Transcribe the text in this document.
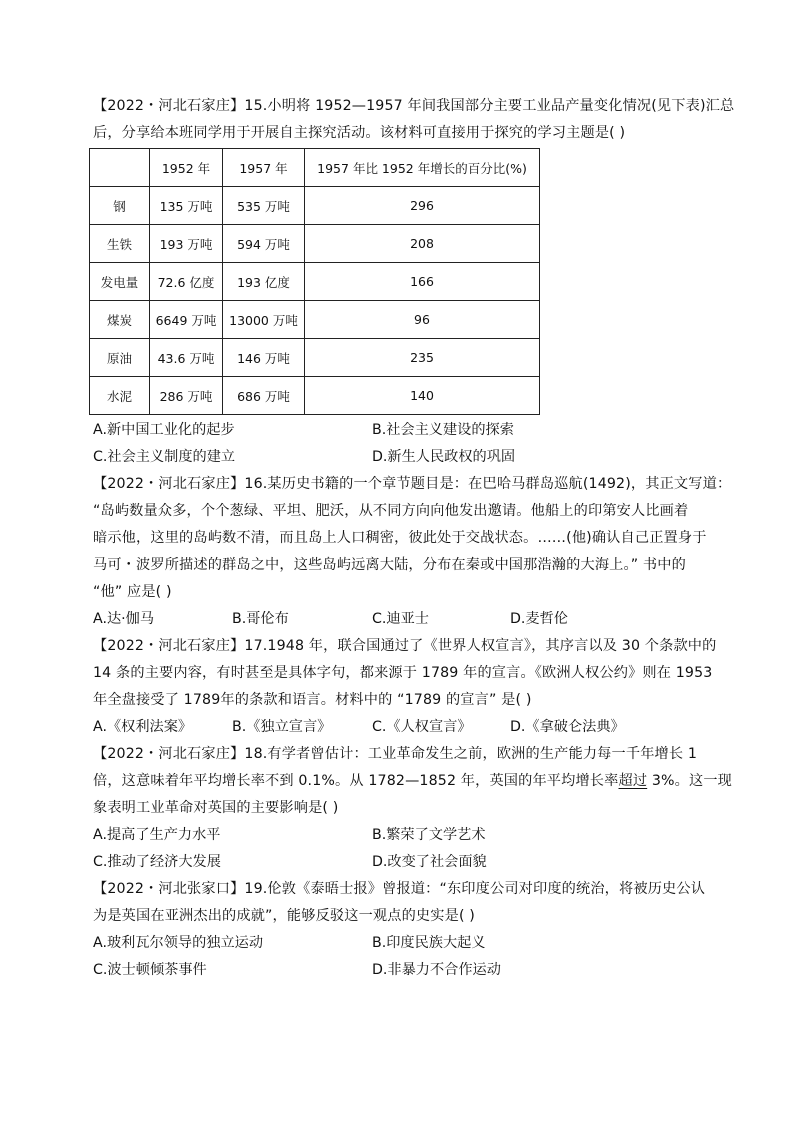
【2022・河北石家庄】15.小明将 1952—1957 年间我国部分主要工业品产量变化情况(见下表)汇总
后，分享给本班同学用于开展自主探究活动。该材料可直接用于探究的学习主题是( )
	1952 年	1957 年	1957 年比 1952 年增长的百分比(%)
钢	135 万吨	535 万吨	296
生铁	193 万吨	594 万吨	208
发电量	72.6 亿度	193 亿度	166
煤炭	6649 万吨	13000 万吨	96
原油	43.6 万吨	146 万吨	235
水泥	286 万吨	686 万吨	140
A.新中国工业化的起步	B.社会主义建设的探索
C.社会主义制度的建立	D.新生人民政权的巩固
【2022・河北石家庄】16.某历史书籍的一个章节题目是：在巴哈马群岛巡航(1492)，其正文写道：
“岛屿数量众多，个个葱绿、平坦、肥沃，从不同方向向他发出邀请。他船上的印第安人比画着
暗示他，这里的岛屿数不清，而且岛上人口稠密，彼此处于交战状态。……(他)确认自己正置身于
马可・波罗所描述的群岛之中，这些岛屿远离大陆，分布在秦或中国那浩瀚的大海上。” 书中的
“他” 应是( )
A.达·伽马	B.哥伦布	C.迪亚士	D.麦哲伦
【2022・河北石家庄】17.1948 年，联合国通过了《世界人权宣言》，其序言以及 30 个条款中的
14 条的主要内容，有时甚至是具体字句，都来源于 1789 年的宣言。《欧洲人权公约》则在 1953
年全盘接受了 1789年的条款和语言。材料中的 “1789 的宣言” 是( )
A.《权利法案》	B.《独立宣言》	C.《人权宣言》	D.《拿破仑法典》
【2022・河北石家庄】18.有学者曾估计：工业革命发生之前，欧洲的生产能力每一千年增长 1
倍，这意味着年平均增长率不到 0.1%。从 1782—1852 年，英国的年平均增长率超过 3%。这一现
象表明工业革命对英国的主要影响是( )
A.提高了生产力水平	B.繁荣了文学艺术
C.推动了经济大发展	D.改变了社会面貌
【2022・河北张家口】19.伦敦《泰晤士报》曾报道：“东印度公司对印度的统治，将被历史公认
为是英国在亚洲杰出的成就”，能够反驳这一观点的史实是( )
A.玻利瓦尔领导的独立运动	B.印度民族大起义
C.波士顿倾茶事件	D.非暴力不合作运动
